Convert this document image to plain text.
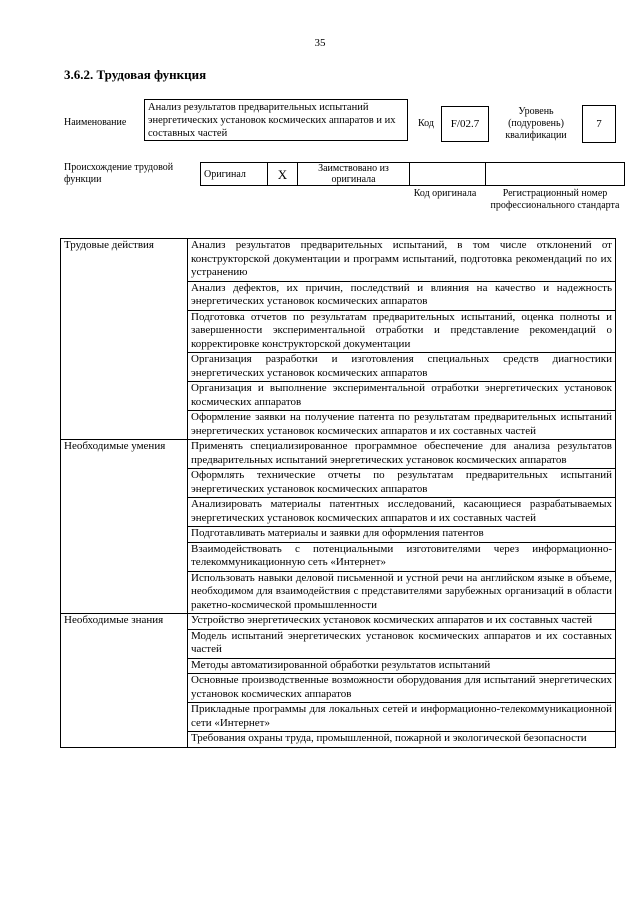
35
3.6.2. Трудовая функция
Наименование
Анализ результатов предварительных испытаний энергетических установок космических аппаратов и их составных частей
Код	F/02.7
Уровень (подуровень) квалификации
7
Происхождение трудовой функции	Оригинал	X	Заимствовано из оригинала		
Код оригинала	Регистрационный номер профессионального стандарта
Трудовые действия	Анализ результатов предварительных испытаний, в том числе отклонений от конструкторской документации и программ испытаний, подготовка рекомендаций по их устранению
	Анализ дефектов, их причин, последствий и влияния на качество и надежность энергетических установок космических аппаратов
	Подготовка отчетов по результатам предварительных испытаний, оценка полноты и завершенности экспериментальной отработки и представление рекомендаций о корректировке конструкторской документации
	Организация разработки и изготовления специальных средств диагностики энергетических установок космических аппаратов
	Организация и выполнение экспериментальной отработки энергетических установок космических аппаратов
	Оформление заявки на получение патента по результатам предварительных испытаний энергетических установок космических аппаратов и их составных частей
Необходимые умения	Применять специализированное программное обеспечение для анализа результатов предварительных испытаний энергетических установок космических аппаратов
	Оформлять технические отчеты по результатам предварительных испытаний энергетических установок космических аппаратов
	Анализировать материалы патентных исследований, касающиеся разрабатываемых энергетических установок космических аппаратов и их составных частей
	Подготавливать материалы и заявки для оформления патентов
	Взаимодействовать с потенциальными изготовителями через информационно-телекоммуникационную сеть «Интернет»
	Использовать навыки деловой письменной и устной речи на английском языке в объеме, необходимом для взаимодействия с представителями зарубежных организаций в области ракетно-космической промышленности
Необходимые знания	Устройство энергетических установок космических аппаратов и их составных частей
	Модель испытаний энергетических установок космических аппаратов и их составных частей
	Методы автоматизированной обработки результатов испытаний
	Основные производственные возможности оборудования для испытаний энергетических установок космических аппаратов
	Прикладные программы для локальных сетей и информационно-телекоммуникационной сети «Интернет»
	Требования охраны труда, промышленной, пожарной и экологической безопасности
